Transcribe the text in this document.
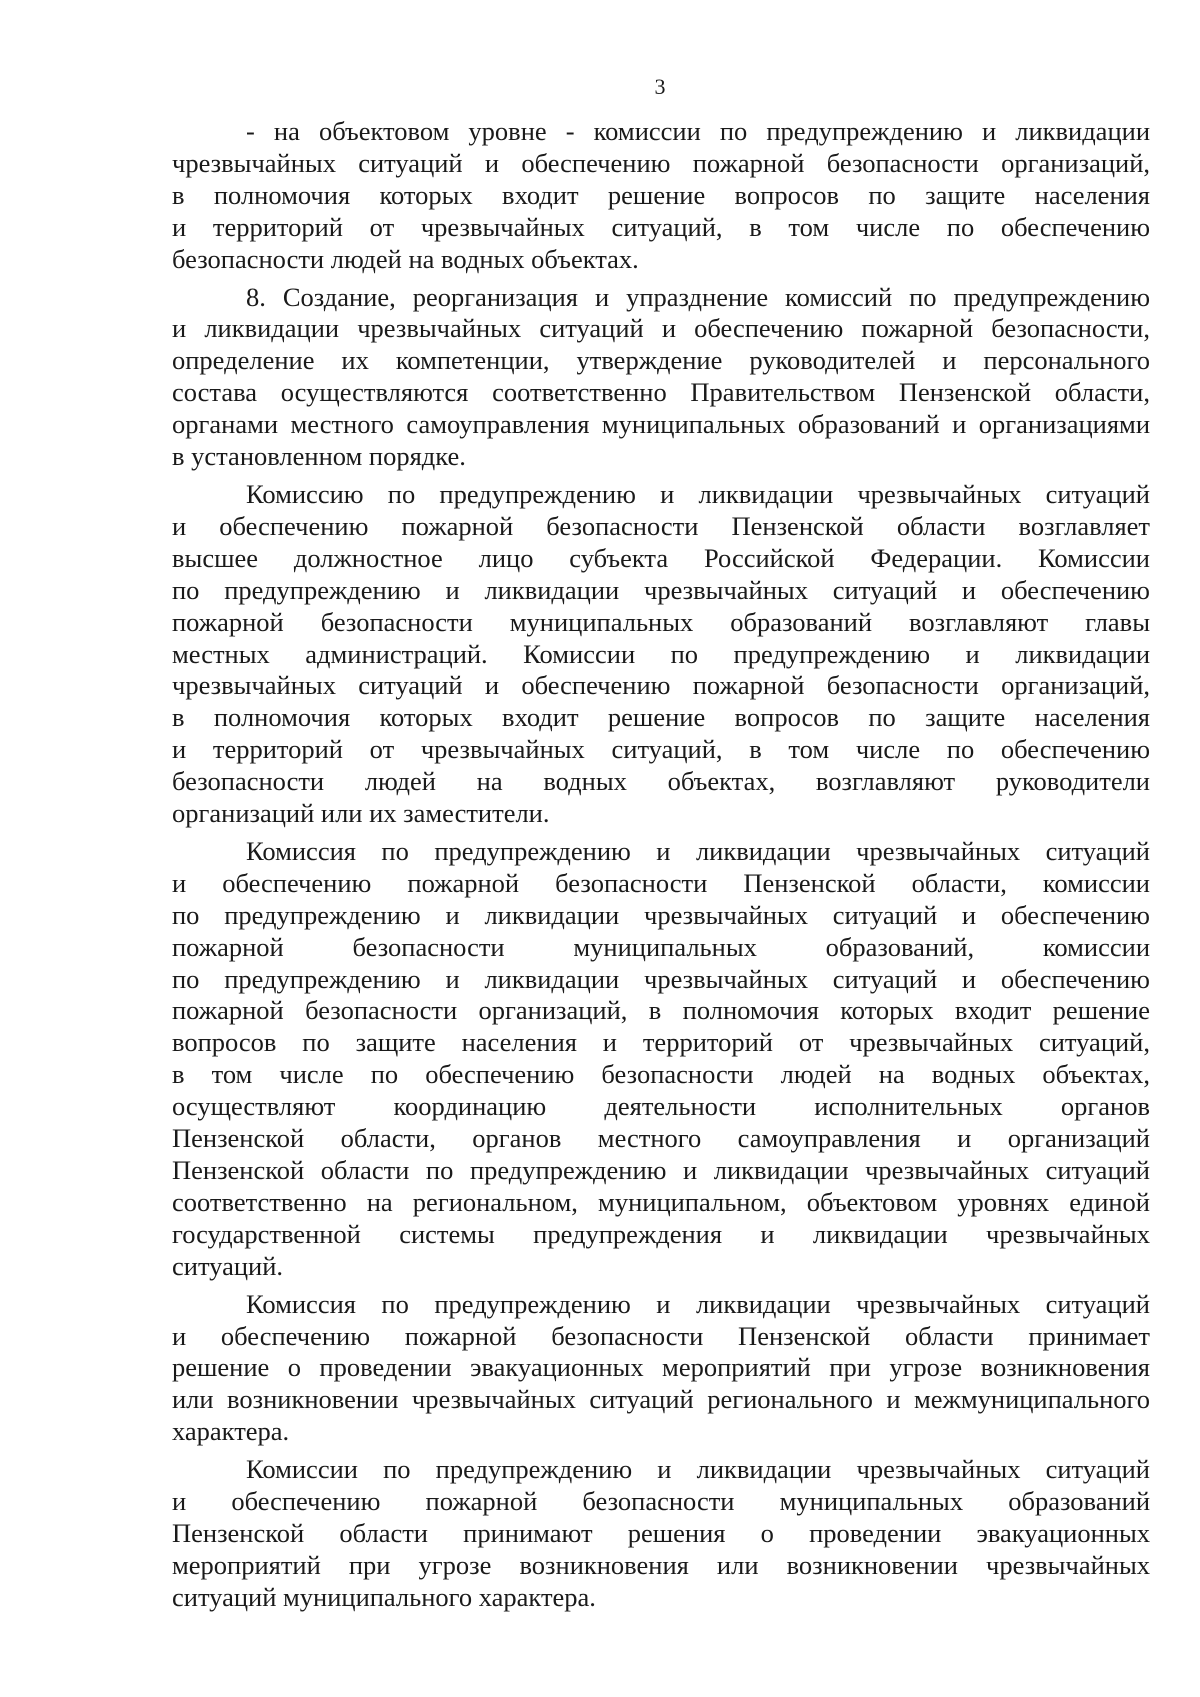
3
- на объектовом уровне - комиссии по предупреждению и ликвидации
чрезвычайных ситуаций и обеспечению пожарной безопасности организаций,
в полномочия которых входит решение вопросов по защите населения
и территорий от чрезвычайных ситуаций, в том числе по обеспечению
безопасности людей на водных объектах.
8. Создание, реорганизация и упразднение комиссий по предупреждению
и ликвидации чрезвычайных ситуаций и обеспечению пожарной безопасности,
определение их компетенции, утверждение руководителей и персонального
состава осуществляются соответственно Правительством Пензенской области,
органами местного самоуправления муниципальных образований и организациями
в установленном порядке.
Комиссию по предупреждению и ликвидации чрезвычайных ситуаций
и обеспечению пожарной безопасности Пензенской области возглавляет
высшее должностное лицо субъекта Российской Федерации. Комиссии
по предупреждению и ликвидации чрезвычайных ситуаций и обеспечению
пожарной безопасности муниципальных образований возглавляют главы
местных администраций. Комиссии по предупреждению и ликвидации
чрезвычайных ситуаций и обеспечению пожарной безопасности организаций,
в полномочия которых входит решение вопросов по защите населения
и территорий от чрезвычайных ситуаций, в том числе по обеспечению
безопасности людей на водных объектах, возглавляют руководители
организаций или их заместители.
Комиссия по предупреждению и ликвидации чрезвычайных ситуаций
и обеспечению пожарной безопасности Пензенской области, комиссии
по предупреждению и ликвидации чрезвычайных ситуаций и обеспечению
пожарной безопасности муниципальных образований, комиссии
по предупреждению и ликвидации чрезвычайных ситуаций и обеспечению
пожарной безопасности организаций, в полномочия которых входит решение
вопросов по защите населения и территорий от чрезвычайных ситуаций,
в том числе по обеспечению безопасности людей на водных объектах,
осуществляют координацию деятельности исполнительных органов
Пензенской области, органов местного самоуправления и организаций
Пензенской области по предупреждению и ликвидации чрезвычайных ситуаций
соответственно на региональном, муниципальном, объектовом уровнях единой
государственной системы предупреждения и ликвидации чрезвычайных
ситуаций.
Комиссия по предупреждению и ликвидации чрезвычайных ситуаций
и обеспечению пожарной безопасности Пензенской области принимает
решение о проведении эвакуационных мероприятий при угрозе возникновения
или возникновении чрезвычайных ситуаций регионального и межмуниципального
характера.
Комиссии по предупреждению и ликвидации чрезвычайных ситуаций
и обеспечению пожарной безопасности муниципальных образований
Пензенской области принимают решения о проведении эвакуационных
мероприятий при угрозе возникновения или возникновении чрезвычайных
ситуаций муниципального характера.
